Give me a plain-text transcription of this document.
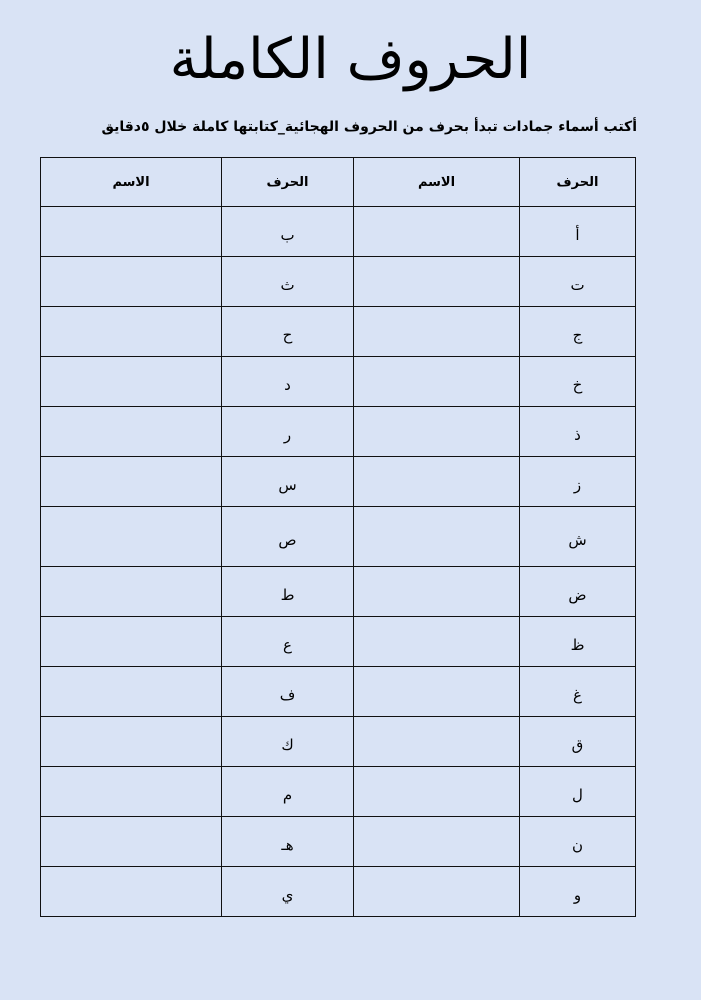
الحروف الكاملة
أكتب أسماء جمادات تبدأ بحرف من الحروف الهجائية_كتابتها كاملة خلال ٥دقايق
الحرف	الاسم	الحرف	الاسم
أ		ب	
ت		ث	
ج		ح	
خ		د	
ذ		ر	
ز		س	
ش		ص	
ض		ط	
ظ		ع	
غ		ف	
ق		ك	
ل		م	
ن		هـ	
و		ي	
